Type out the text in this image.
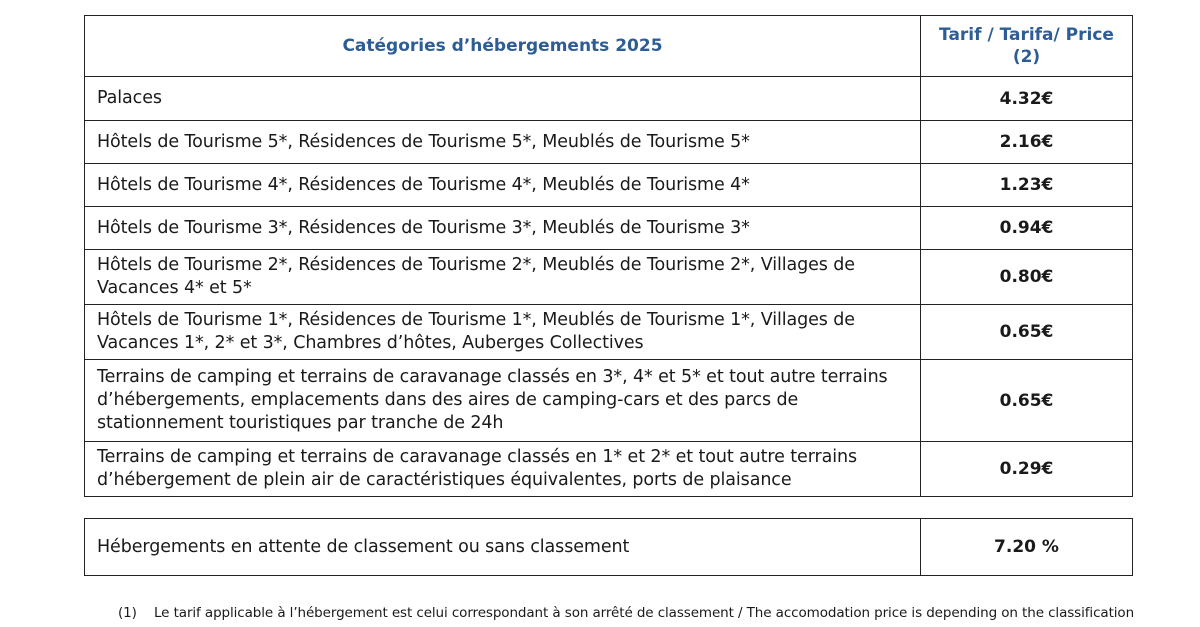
Catégories d’hébergements 2025	Tarif / Tarifa/ Price
(2)

Palaces	4.32€
Hôtels de Tourisme 5*, Résidences de Tourisme 5*, Meublés de Tourisme 5*	2.16€
Hôtels de Tourisme 4*, Résidences de Tourisme 4*, Meublés de Tourisme 4*	1.23€
Hôtels de Tourisme 3*, Résidences de Tourisme 3*, Meublés de Tourisme 3*	0.94€
Hôtels de Tourisme 2*, Résidences de Tourisme 2*, Meublés de Tourisme 2*, Villages de Vacances 4* et 5*	0.80€
Hôtels de Tourisme 1*, Résidences de Tourisme 1*, Meublés de Tourisme 1*, Villages de Vacances 1*, 2* et 3*, Chambres d’hôtes, Auberges Collectives	0.65€
Terrains de camping et terrains de caravanage classés en 3*, 4* et 5* et tout autre terrains d’hébergements, emplacements dans des aires de camping-cars et des parcs de stationnement touristiques par tranche de 24h	0.65€
Terrains de camping et terrains de caravanage classés en 1* et 2* et tout autre terrains d’hébergement de plein air de caractéristiques équivalentes, ports de plaisance	0.29€
Hébergements en attente de classement ou sans classement	7.20 %
(1) Le tarif applicable à l’hébergement est celui correspondant à son arrêté de classement / The accomodation price is depending on the classification
